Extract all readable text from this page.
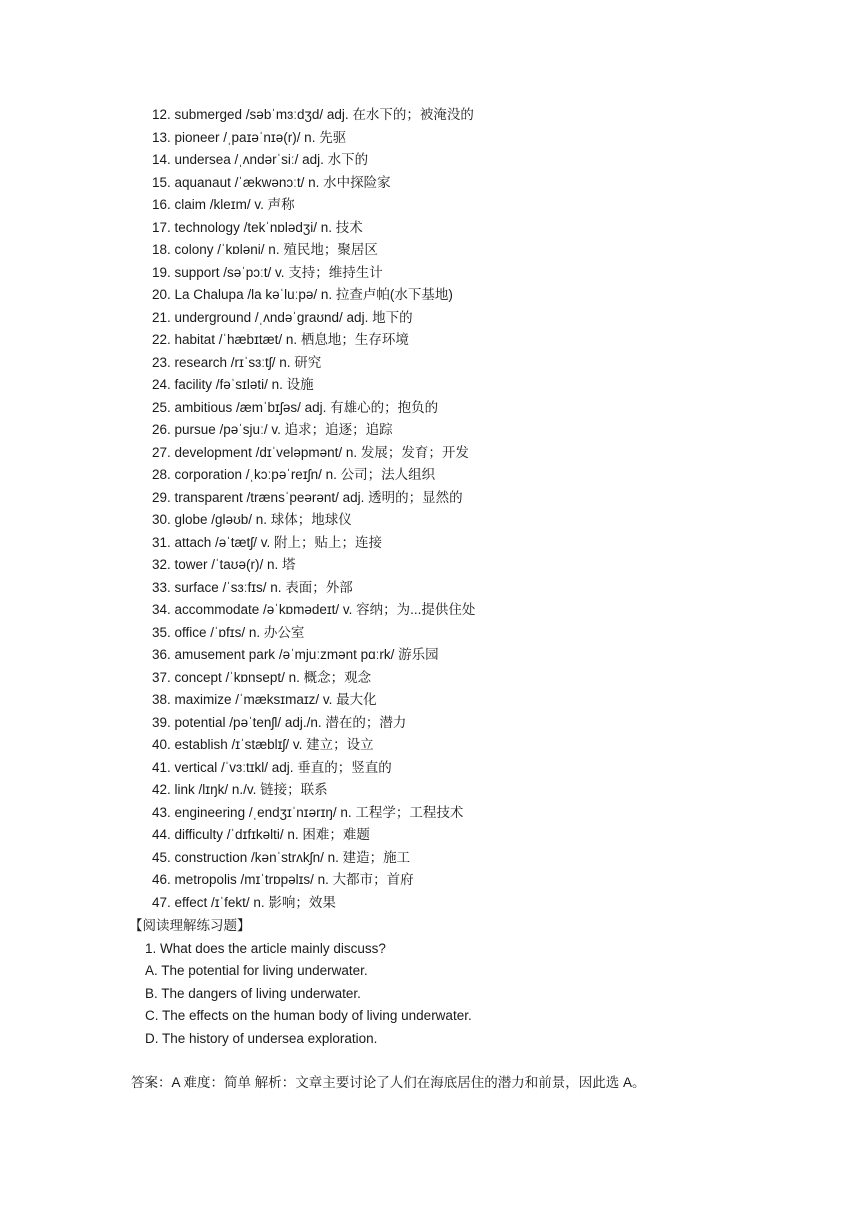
12. submerged /səbˈmɜːdʒd/ adj. 在水下的；被淹没的
13. pioneer /ˌpaɪəˈnɪə(r)/ n. 先驱
14. undersea /ˌʌndərˈsiː/ adj. 水下的
15. aquanaut /ˈækwənɔːt/ n. 水中探险家
16. claim /kleɪm/ v. 声称
17. technology /tekˈnɒlədʒi/ n. 技术
18. colony /ˈkɒləni/ n. 殖民地；聚居区
19. support /səˈpɔːt/ v. 支持；维持生计
20. La Chalupa /la kəˈluːpə/ n. 拉查卢帕(水下基地)
21. underground /ˌʌndəˈɡraʊnd/ adj. 地下的
22. habitat /ˈhæbɪtæt/ n. 栖息地；生存环境
23. research /rɪˈsɜːtʃ/ n. 研究
24. facility /fəˈsɪləti/ n. 设施
25. ambitious /æmˈbɪʃəs/ adj. 有雄心的；抱负的
26. pursue /pəˈsjuː/ v. 追求；追逐；追踪
27. development /dɪˈveləpmənt/ n. 发展；发育；开发
28. corporation /ˌkɔːpəˈreɪʃn/ n. 公司；法人组织
29. transparent /trænsˈpeərənt/ adj. 透明的；显然的
30. globe /ɡləʊb/ n. 球体；地球仪
31. attach /əˈtætʃ/ v. 附上；贴上；连接
32. tower /ˈtaʊə(r)/ n. 塔
33. surface /ˈsɜːfɪs/ n. 表面；外部
34. accommodate /əˈkɒmədeɪt/ v. 容纳；为...提供住处
35. office /ˈɒfɪs/ n. 办公室
36. amusement park /əˈmjuːzmənt pɑːrk/ 游乐园
37. concept /ˈkɒnsept/ n. 概念；观念
38. maximize /ˈmæksɪmaɪz/ v. 最大化
39. potential /pəˈtenʃl/ adj./n. 潜在的；潜力
40. establish /ɪˈstæblɪʃ/ v. 建立；设立
41. vertical /ˈvɜːtɪkl/ adj. 垂直的；竖直的
42. link /lɪŋk/ n./v. 链接；联系
43. engineering /ˌendʒɪˈnɪərɪŋ/ n. 工程学；工程技术
44. difficulty /ˈdɪfɪkəlti/ n. 困难；难题
45. construction /kənˈstrʌkʃn/ n. 建造；施工
46. metropolis /mɪˈtrɒpəlɪs/ n. 大都市；首府
47. effect /ɪˈfekt/ n. 影响；效果
【阅读理解练习题】
1. What does the article mainly discuss?
A. The potential for living underwater.
B. The dangers of living underwater.
C. The effects on the human body of living underwater.
D. The history of undersea exploration.
答案：A 难度：简单 解析：文章主要讨论了人们在海底居住的潜力和前景，因此选 A。
